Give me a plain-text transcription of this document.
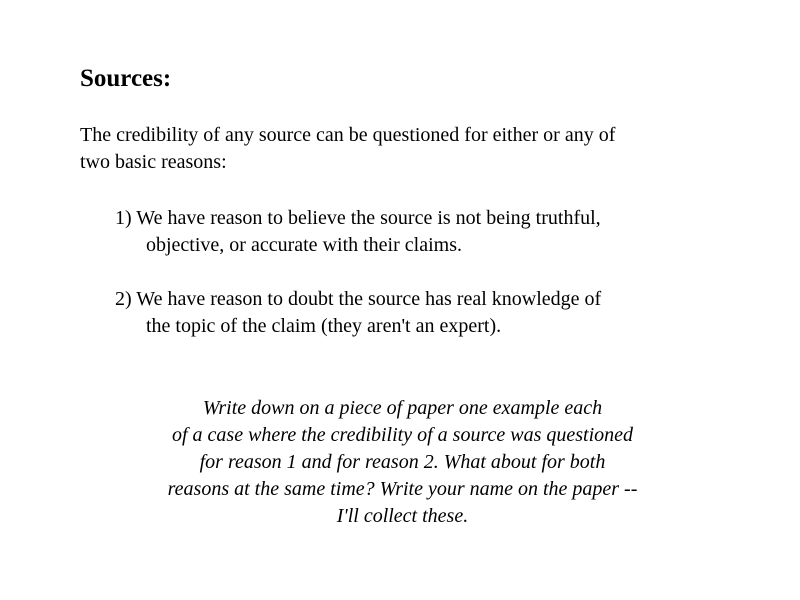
Sources:

The credibility of any source can be questioned for either or any of
two basic reasons:

1) We have reason to believe the source is not being truthful,
objective, or accurate with their claims.

2) We have reason to doubt the source has real knowledge of
the topic of the claim (they aren't an expert).

Write down on a piece of paper one example each
of a case where the credibility of a source was questioned
for reason 1 and for reason 2. What about for both
reasons at the same time? Write your name on the paper --
I'll collect these.
